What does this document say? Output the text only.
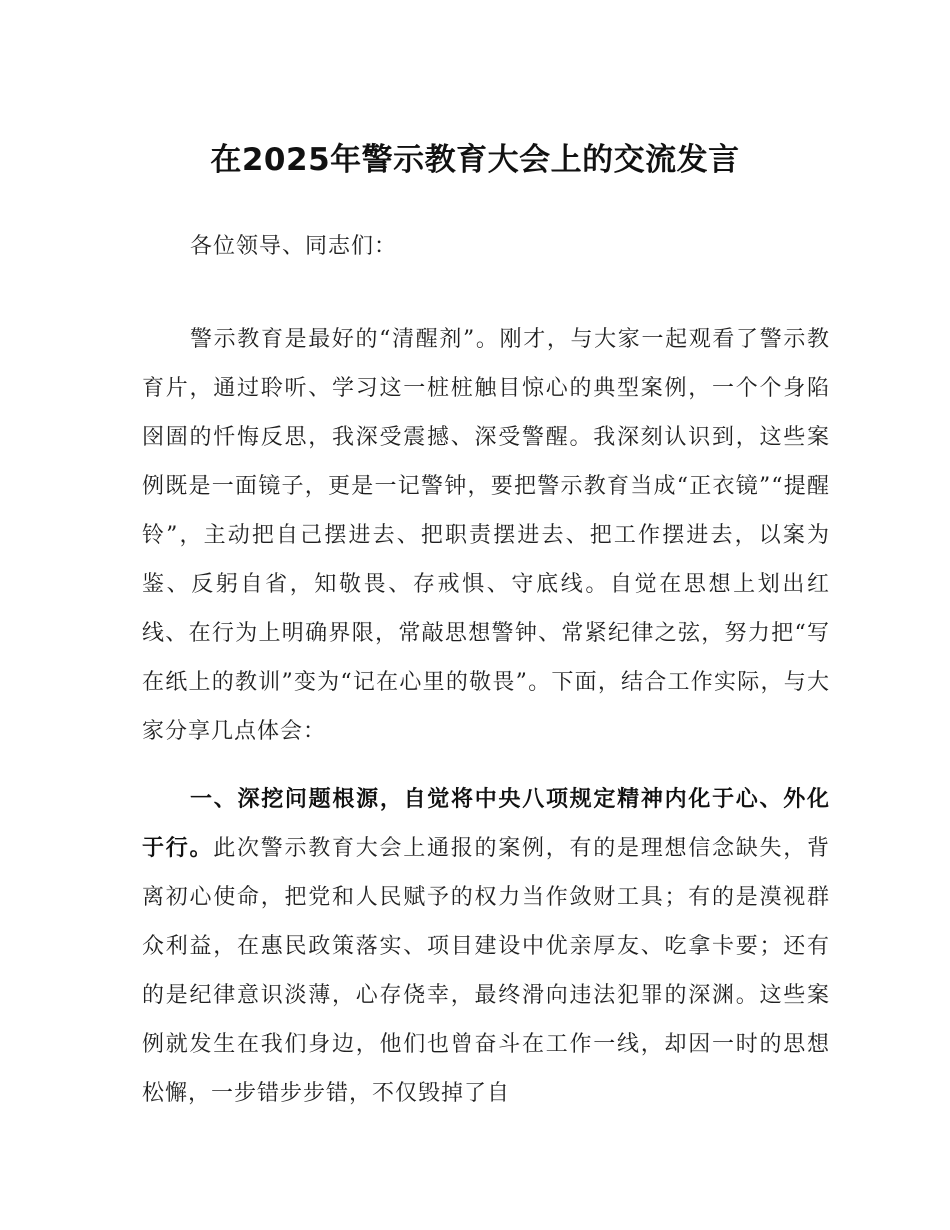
在2025年警示教育大会上的交流发言

各位领导、同志们：

警示教育是最好的“清醒剂”。刚才，与大家一起观看了警示教育片，通过聆听、学习这一桩桩触目惊心的典型案例，一个个身陷囹圄的忏悔反思，我深受震撼、深受警醒。我深刻认识到，这些案例既是一面镜子，更是一记警钟，要把警示教育当成“正衣镜”“提醒铃”，主动把自己摆进去、把职责摆进去、把工作摆进去，以案为鉴、反躬自省，知敬畏、存戒惧、守底线。自觉在思想上划出红线、在行为上明确界限，常敲思想警钟、常紧纪律之弦，努力把“写在纸上的教训”变为“记在心里的敬畏”。下面，结合工作实际，与大家分享几点体会：

一、深挖问题根源，自觉将中央八项规定精神内化于心、外化于行。此次警示教育大会上通报的案例，有的是理想信念缺失，背离初心使命，把党和人民赋予的权力当作敛财工具；有的是漠视群众利益，在惠民政策落实、项目建设中优亲厚友、吃拿卡要；还有的是纪律意识淡薄，心存侥幸，最终滑向违法犯罪的深渊。这些案例就发生在我们身边，他们也曾奋斗在工作一线，却因一时的思想松懈，一步错步步错，不仅毁掉了自
